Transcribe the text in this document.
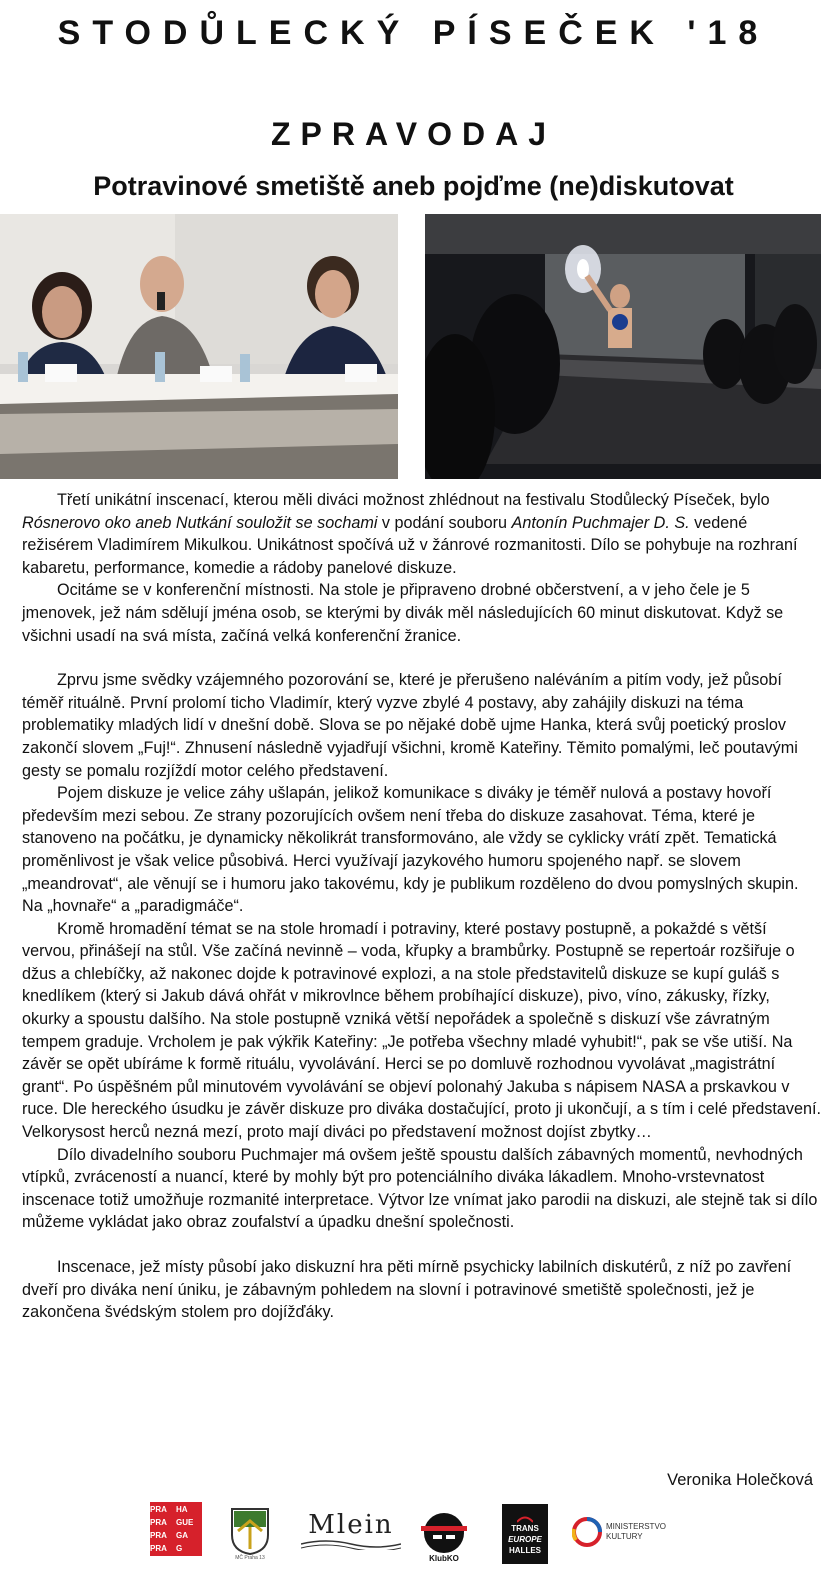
STODŮLECKÝ PÍSEČEK '18
ZPRAVODAJ
Potravinové smetiště aneb pojďme (ne)diskutovat

Třetí unikátní inscenací, kterou měli diváci možnost zhlédnout na festivalu Stodůlecký Píseček, bylo Rósnerovo oko aneb Nutkání souložit se sochami v podání souboru Antonín Puchmajer D. S. vedené režisérem Vladimírem Mikulkou. Unikátnost spočívá už v žánrové rozmanitosti. Dílo se pohybuje na rozhraní kabaretu, performance, komedie a rádoby panelové diskuze.

Ocitáme se v konferenční místnosti. Na stole je připraveno drobné občerstvení, a v jeho čele je 5 jmenovek, jež nám sdělují jména osob, se kterými by divák měl následujících 60 minut diskutovat. Když se všichni usadí na svá místa, začíná velká konferenční žranice.

Zprvu jsme svědky vzájemného pozorování se, které je přerušeno naléváním a pitím vody, jež působí téměř rituálně. První prolomí ticho Vladimír, který vyzve zbylé 4 postavy, aby zahájily diskuzi na téma problematiky mladých lidí v dnešní době. Slova se po nějaké době ujme Hanka, která svůj poetický proslov zakončí slovem „Fuj!“. Zhnusení následně vyjadřují všichni, kromě Kateřiny. Těmito pomalými, leč poutavými gesty se pomalu rozjíždí motor celého představení.

Pojem diskuze je velice záhy ušlapán, jelikož komunikace s diváky je téměř nulová a postavy hovoří především mezi sebou. Ze strany pozorujících ovšem není třeba do diskuze zasahovat. Téma, které je stanoveno na počátku, je dynamicky několikrát transformováno, ale vždy se cyklicky vrátí zpět. Tematická proměnlivost je však velice působivá. Herci využívají jazykového humoru spojeného např. se slovem „meandrovat“, ale věnují se i humoru jako takovému, kdy je publikum rozděleno do dvou pomyslných skupin. Na „hovnaře“ a „paradigmáče“.

Kromě hromadění témat se na stole hromadí i potraviny, které postavy postupně, a pokaždé s větší vervou, přinášejí na stůl. Vše začíná nevinně – voda, křupky a brambůrky. Postupně se repertoár rozšiřuje o džus a chlebíčky, až nakonec dojde k potravinové explozi, a na stole představitelů diskuze se kupí guláš s knedlíkem (který si Jakub dává ohřát v mikrovlnce během probíhající diskuze), pivo, víno, zákusky, řízky, okurky a spoustu dalšího. Na stole postupně vzniká větší nepořádek a společně s diskuzí vše závratným tempem graduje. Vrcholem je pak výkřik Kateřiny: „Je potřeba všechny mladé vyhubit!“, pak se vše utiší. Na závěr se opět ubíráme k formě rituálu, vyvolávání. Herci se po domluvě rozhodnou vyvolávat „magistrátní grant“. Po úspěšném půl minutovém vyvolávání se objeví polonahý Jakuba s nápisem NASA a prskavkou v ruce. Dle hereckého úsudku je závěr diskuze pro diváka dostačující, proto ji ukončují, a s tím i celé představení. Velkorysost herců nezná mezí, proto mají diváci po představení možnost dojíst zbytky…

Dílo divadelního souboru Puchmajer má ovšem ještě spoustu dalších zábavných momentů, nevhodných vtípků, zvráceností a nuancí, které by mohly být pro potenciálního diváka lákadlem. Mnoho-vrstevnatost inscenace totiž umožňuje rozmanité interpretace. Výtvor lze vnímat jako parodii na diskuzi, ale stejně tak si dílo můžeme vykládat jako obraz zoufalství a úpadku dnešní společnosti.

Inscenace, jež místy působí jako diskuzní hra pěti mírně psychicky labilních diskutérů, z níž po zavření dveří pro diváka není úniku, je zábavným pohledem na slovní i potravinové smetiště společnosti, jež je zakončena švédským stolem pro dojížďáky.

Veronika Holečková
PRA	HA
PRA	GUE
PRA	GA
PRA	G
MČ Praha 13
Mlein
KlubKO
TRANS
EUROPE
HALLES
MINISTERSTVO
KULTURY
